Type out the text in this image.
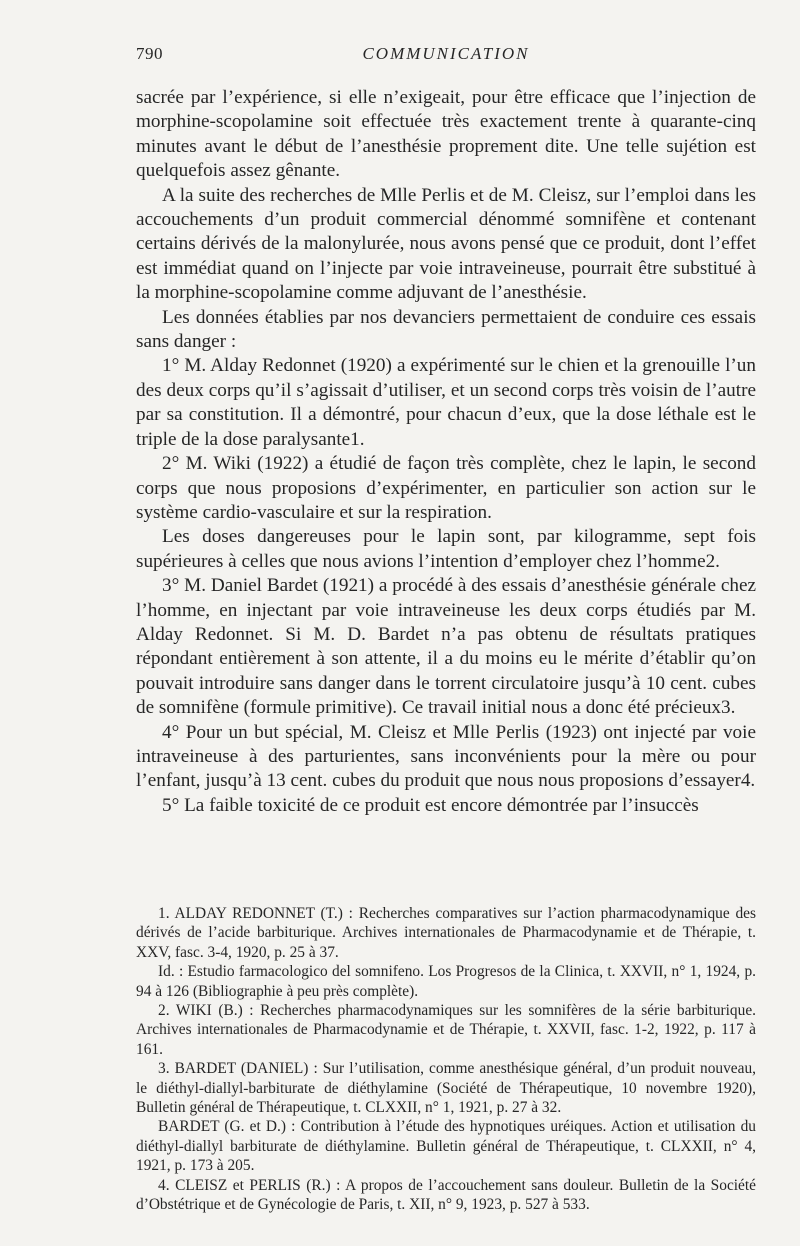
790	COMMUNICATION

sacrée par l’expérience, si elle n’exigeait, pour être efficace que l’injection de morphine-scopolamine soit effectuée très exactement trente à quarante-cinq minutes avant le début de l’anesthésie proprement dite. Une telle sujétion est quelquefois assez gênante.

A la suite des recherches de Mlle Perlis et de M. Cleisz, sur l’emploi dans les accouchements d’un produit commercial dénommé somnifène et contenant certains dérivés de la malonylurée, nous avons pensé que ce produit, dont l’effet est immédiat quand on l’injecte par voie intraveineuse, pourrait être substitué à la morphine-scopolamine comme adjuvant de l’anesthésie.

Les données établies par nos devanciers permettaient de conduire ces essais sans danger :

1° M. Alday Redonnet (1920) a expérimenté sur le chien et la grenouille l’un des deux corps qu’il s’agissait d’utiliser, et un second corps très voisin de l’autre par sa constitution. Il a démontré, pour chacun d’eux, que la dose léthale est le triple de la dose paralysante1.

2° M. Wiki (1922) a étudié de façon très complète, chez le lapin, le second corps que nous proposions d’expérimenter, en particulier son action sur le système cardio-vasculaire et sur la respiration.

Les doses dangereuses pour le lapin sont, par kilogramme, sept fois supérieures à celles que nous avions l’intention d’employer chez l’homme2.

3° M. Daniel Bardet (1921) a procédé à des essais d’anesthésie générale chez l’homme, en injectant par voie intraveineuse les deux corps étudiés par M. Alday Redonnet. Si M. D. Bardet n’a pas obtenu de résultats pratiques répondant entièrement à son attente, il a du moins eu le mérite d’établir qu’on pouvait introduire sans danger dans le torrent circulatoire jusqu’à 10 cent. cubes de somnifène (formule primitive). Ce travail initial nous a donc été précieux3.

4° Pour un but spécial, M. Cleisz et Mlle Perlis (1923) ont injecté par voie intraveineuse à des parturientes, sans inconvénients pour la mère ou pour l’enfant, jusqu’à 13 cent. cubes du produit que nous nous proposions d’essayer4.

5° La faible toxicité de ce produit est encore démontrée par l’insuccès

1. ALDAY REDONNET (T.) : Recherches comparatives sur l’action pharmacodynamique des dérivés de l’acide barbiturique. Archives internationales de Pharmacodynamie et de Thérapie, t. XXV, fasc. 3-4, 1920, p. 25 à 37.

Id. : Estudio farmacologico del somnifeno. Los Progresos de la Clinica, t. XXVII, n° 1, 1924, p. 94 à 126 (Bibliographie à peu près complète).

2. WIKI (B.) : Recherches pharmacodynamiques sur les somnifères de la série barbiturique. Archives internationales de Pharmacodynamie et de Thérapie, t. XXVII, fasc. 1-2, 1922, p. 117 à 161.

3. BARDET (DANIEL) : Sur l’utilisation, comme anesthésique général, d’un produit nouveau, le diéthyl-diallyl-barbiturate de diéthylamine (Société de Thérapeutique, 10 novembre 1920), Bulletin général de Thérapeutique, t. CLXXII, n° 1, 1921, p. 27 à 32.

BARDET (G. et D.) : Contribution à l’étude des hypnotiques uréiques. Action et utilisation du diéthyl-diallyl barbiturate de diéthylamine. Bulletin général de Thérapeutique, t. CLXXII, n° 4, 1921, p. 173 à 205.

4. CLEISZ et PERLIS (R.) : A propos de l’accouchement sans douleur. Bulletin de la Société d’Obstétrique et de Gynécologie de Paris, t. XII, n° 9, 1923, p. 527 à 533.
